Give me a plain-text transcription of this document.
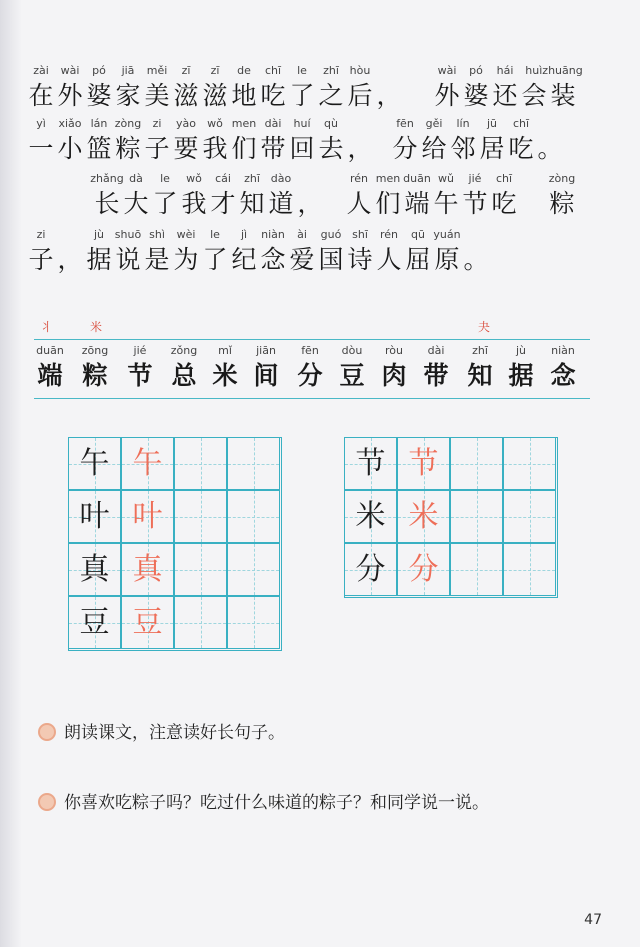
zài wài pó jiā měi zī zī de chī le zhī hòu	wài pó hái huìzhuāng
在 外 婆 家 美 滋 滋 地 吃 了 之 后 ， 外 婆 还 会 装
yì xiǎo lán zòng zi yào wǒ men dài huí qù	fēn gěi lín jū chī
一 小 篮 粽 子 要 我 们 带 回 去 ， 分 给 邻 居 吃 。
zhǎng dà le wǒ cái zhī dào	rén men duān wǔ jié chī	zòng
长 大 了 我 才 知 道 ， 人 们 端 午 节 吃 粽
zi	jù shuō shì wèi le jì niàn ài guó shī rén qū yuán
子 ， 据 说 是 为 了 纪 念 爱 国 诗 人 屈 原 。
丬	米	夬
duān zōng jié zǒng mǐ jiān fēn dòu ròu dài	zhī	jù niàn
端 粽 节 总 米 间 分 豆 肉 带 知 据 念
午 午
叶 叶
真 真
豆 豆
节 节
米 米
分 分
朗读课文，注意读好长句子。
你喜欢吃粽子吗？吃过什么味道的粽子？和同学说一说。
47
